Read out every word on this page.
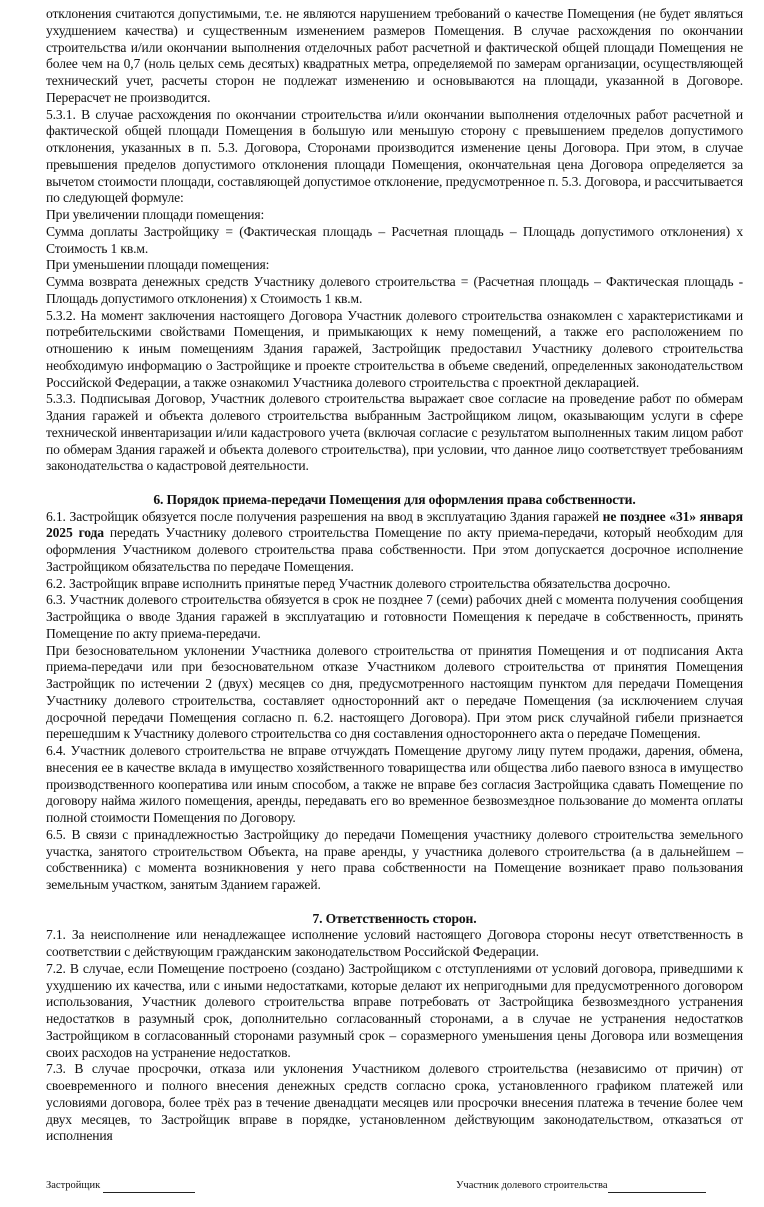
отклонения считаются допустимыми, т.е. не являются нарушением требований о качестве Помещения (не будет являться ухудшением качества) и существенным изменением размеров Помещения. В случае расхождения по окончании строительства и/или окончании выполнения отделочных работ расчетной и фактической общей площади Помещения не более чем на 0,7 (ноль целых семь десятых) квадратных метра, определяемой по замерам организации, осуществляющей технический учет, расчеты сторон не подлежат изменению и основываются на площади, указанной в Договоре. Перерасчет не производится.

5.3.1. В случае расхождения по окончании строительства и/или окончании выполнения отделочных работ расчетной и фактической общей площади Помещения в большую или меньшую сторону с превышением пределов допустимого отклонения, указанных в п. 5.3. Договора, Сторонами производится изменение цены Договора. При этом, в случае превышения пределов допустимого отклонения площади Помещения, окончательная цена Договора определяется за вычетом стоимости площади, составляющей допустимое отклонение, предусмотренное п. 5.3. Договора, и рассчитывается по следующей формуле:

При увеличении площади помещения:

Сумма доплаты Застройщику = (Фактическая площадь – Расчетная площадь – Площадь допустимого отклонения) х Стоимость 1 кв.м.

При уменьшении площади помещения:

Сумма возврата денежных средств Участнику долевого строительства = (Расчетная площадь – Фактическая площадь - Площадь допустимого отклонения) х Стоимость 1 кв.м.

5.3.2. На момент заключения настоящего Договора Участник долевого строительства ознакомлен с характеристиками и потребительскими свойствами Помещения, и примыкающих к нему помещений, а также его расположением по отношению к иным помещениям Здания гаражей, Застройщик предоставил Участнику долевого строительства необходимую информацию о Застройщике и проекте строительства в объеме сведений, определенных законодательством Российской Федерации, а также ознакомил Участника долевого строительства с проектной декларацией.

5.3.3. Подписывая Договор, Участник долевого строительства выражает свое согласие на проведение работ по обмерам Здания гаражей и объекта долевого строительства выбранным Застройщиком лицом, оказывающим услуги в сфере технической инвентаризации и/или кадастрового учета (включая согласие с результатом выполненных таким лицом работ по обмерам Здания гаражей и объекта долевого строительства), при условии, что данное лицо соответствует требованиям законодательства о кадастровой деятельности.

6. Порядок приема-передачи Помещения для оформления права собственности.

6.1. Застройщик обязуется после получения разрешения на ввод в эксплуатацию Здания гаражей не позднее «31» января 2025 года передать Участнику долевого строительства Помещение по акту приема-передачи, который необходим для оформления Участником долевого строительства права собственности. При этом допускается досрочное исполнение Застройщиком обязательства по передаче Помещения.

6.2. Застройщик вправе исполнить принятые перед Участник долевого строительства обязательства досрочно.

6.3. Участник долевого строительства обязуется в срок не позднее 7 (семи) рабочих дней с момента получения сообщения Застройщика о вводе Здания гаражей в эксплуатацию и готовности Помещения к передаче в собственность, принять Помещение по акту приема-передачи.

При безосновательном уклонении Участника долевого строительства от принятия Помещения и от подписания Акта приема-передачи или при безосновательном отказе Участником долевого строительства от принятия Помещения Застройщик по истечении 2 (двух) месяцев со дня, предусмотренного настоящим пунктом для передачи Помещения Участнику долевого строительства, составляет односторонний акт о передаче Помещения (за исключением случая досрочной передачи Помещения согласно п. 6.2. настоящего Договора). При этом риск случайной гибели признается перешедшим к Участнику долевого строительства со дня составления одностороннего акта о передаче Помещения.

6.4. Участник долевого строительства не вправе отчуждать Помещение другому лицу путем продажи, дарения, обмена, внесения ее в качестве вклада в имущество хозяйственного товарищества или общества либо паевого взноса в имущество производственного кооператива или иным способом, а также не вправе без согласия Застройщика сдавать Помещение по договору найма жилого помещения, аренды, передавать его во временное безвозмездное пользование до момента оплаты полной стоимости Помещения по Договору.

6.5. В связи с принадлежностью Застройщику до передачи Помещения участнику долевого строительства земельного участка, занятого строительством Объекта, на праве аренды, у участника долевого строительства (а в дальнейшем – собственника) с момента возникновения у него права собственности на Помещение возникает право пользования земельным участком, занятым Зданием гаражей.

7. Ответственность сторон.

7.1. За неисполнение или ненадлежащее исполнение условий настоящего Договора стороны несут ответственность в соответствии с действующим гражданским законодательством Российской Федерации.

7.2. В случае, если Помещение построено (создано) Застройщиком с отступлениями от условий договора, приведшими к ухудшению их качества, или с иными недостатками, которые делают их непригодными для предусмотренного договором использования, Участник долевого строительства вправе потребовать от Застройщика безвозмездного устранения недостатков в разумный срок, дополнительно согласованный сторонами, а в случае не устранения недостатков Застройщиком в согласованный сторонами разумный срок – соразмерного уменьшения цены Договора или возмещения своих расходов на устранение недостатков.

7.3. В случае просрочки, отказа или уклонения Участником долевого строительства (независимо от причин) от своевременного и полного внесения денежных средств согласно срока, установленного графиком платежей или условиями договора, более трёх раз в течение двенадцати месяцев или просрочки внесения платежа в течение более чем двух месяцев, то Застройщик вправе в порядке, установленном действующим законодательством, отказаться от исполнения

Застройщик	Участник долевого строительства
